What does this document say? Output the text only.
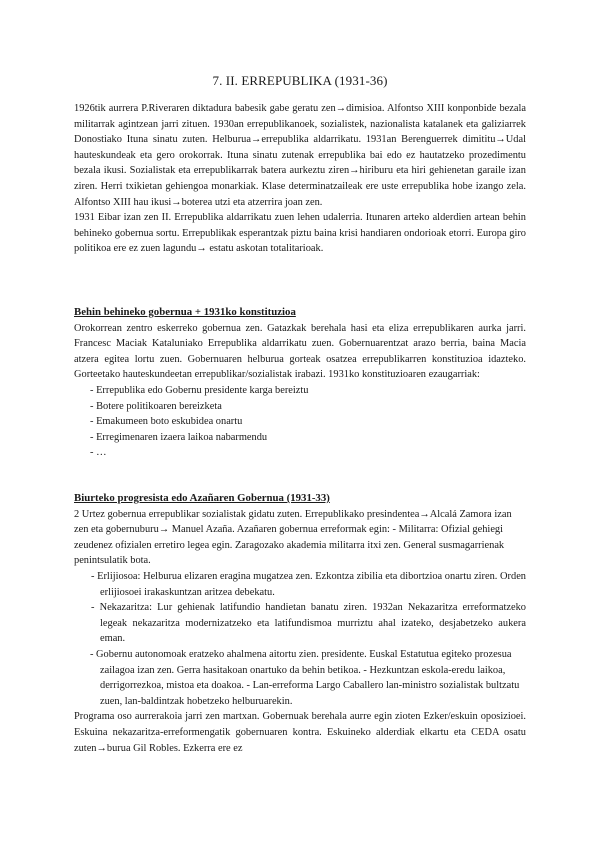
7. II. ERREPUBLIKA (1931-36)

1926tik aurrera P.Riveraren diktadura babesik gabe geratu zen→dimisioa. Alfontso XIII konponbide bezala militarrak agintzean jarri zituen. 1930an errepublikanoek, sozialistek, nazionalista katalanek eta galiziarrek Donostiako Ituna sinatu zuten. Helburua→errepublika aldarrikatu. 1931an Berenguerrek dimititu→Udal hauteskundeak eta gero orokorrak. Ituna sinatu zutenak errepublika bai edo ez hautatzeko prozedimentu bezala ikusi. Sozialistak eta errepublikarrak batera aurkeztu ziren→hiriburu eta hiri gehienetan garaile izan ziren. Herri txikietan gehiengoa monarkiak. Klase determinatzaileak ere uste errepublika hobe izango zela. Alfontso XIII hau ikusi→boterea utzi eta atzerrira joan zen.

1931 Eibar izan zen II. Errepublika aldarrikatu zuen lehen udalerria. Itunaren arteko alderdien artean behin behineko gobernua sortu. Errepublikak esperantzak piztu baina krisi handiaren ondorioak etorri. Europa giro politikoa ere ez zuen lagundu→ estatu askotan totalitarioak.

Behin behineko gobernua + 1931ko konstituzioa

Orokorrean zentro eskerreko gobernua zen. Gatazkak berehala hasi eta eliza errepublikaren aurka jarri. Francesc Maciak Kataluniako Errepublika aldarrikatu zuen. Gobernuarentzat arazo berria, baina Macia atzera egitea lortu zuen. Gobernuaren helburua gorteak osatzea errepublikarren konstituzioa idazteko. Gorteetako hauteskundeetan errepublikar/sozialistak irabazi. 1931ko konstituzioaren ezaugarriak:

- Errepublika edo Gobernu presidente karga bereiztu
- Botere politikoaren bereizketa
- Emakumeen boto eskubidea onartu
- Erregimenaren izaera laikoa nabarmendu
- …
Biurteko progresista edo Azañaren Gobernua (1931-33)

2 Urtez gobernua errepublikar sozialistak gidatu zuten. Errepublikako presindentea→Alcalá Zamora izan zen eta gobernuburu→ Manuel Azaña. Azañaren gobernua erreformak egin: - Militarra: Ofizial gehiegi zeudenez ofizialen erretiro legea egin. Zaragozako akademia militarra itxi zen. General susmagarrienak penintsulatik bota.

- Erlijiosoa: Helburua elizaren eragina mugatzea zen. Ezkontza zibilia eta dibortzioa onartu ziren. Orden erlijiosoei irakaskuntzan aritzea debekatu.

- Nekazaritza: Lur gehienak latifundio handietan banatu ziren. 1932an Nekazaritza erreformatzeko legeak nekazaritza modernizatzeko eta latifundismoa murriztu ahal izateko, desjabetzeko aukera eman.

- Gobernu autonomoak eratzeko ahalmena aitortu zien. presidente. Euskal Estatutua egiteko prozesua zailagoa izan zen. Gerra hasitakoan onartuko da behin betikoa. - Hezkuntzan eskola-eredu laikoa, derrigorrezkoa, mistoa eta doakoa. - Lan-erreforma Largo Caballero lan-ministro sozialistak bultzatu zuen, lan-baldintzak hobetzeko helburuarekin.

Programa oso aurrerakoia jarri zen martxan. Gobernuak berehala aurre egin zioten Ezker/eskuin oposizioei. Eskuina nekazaritza-erreformengatik gobernuaren kontra. Eskuineko alderdiak elkartu eta CEDA osatu zuten→burua Gil Robles. Ezkerra ere ez
